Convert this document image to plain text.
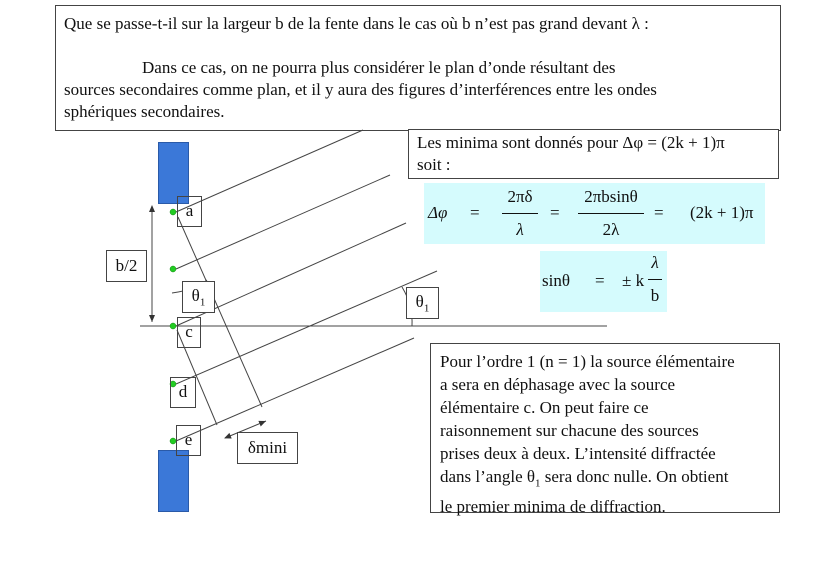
Que se passe-t-il sur la largeur b de la fente dans le cas où b n’est pas grand devant λ :
Dans ce cas, on ne pourra plus considérer le plan d’onde résultant des
sources secondaires comme plan, et il y aura des figures d’interférences entre les ondes
sphériques secondaires.
a
c
d
e
b/2
δmini
$\theta_1$	$\theta_1$
Les minima sont donnés pour Δφ = (2k + 1)π
soit :
Δφ =
2πδ
λ
=
2πbsinθ
2λ
= (2k + 1)π
sinθ = ± k
λ
b
Pour l’ordre 1 (n = 1) la source élémentaire
a sera en déphasage avec la source
élémentaire c. On peut faire ce
raisonnement sur chacune des sources
prises deux à deux. L’intensité diffractée
dans l’angle $\theta_1$ sera donc nulle. On obtient
le premier minima de diffraction.
